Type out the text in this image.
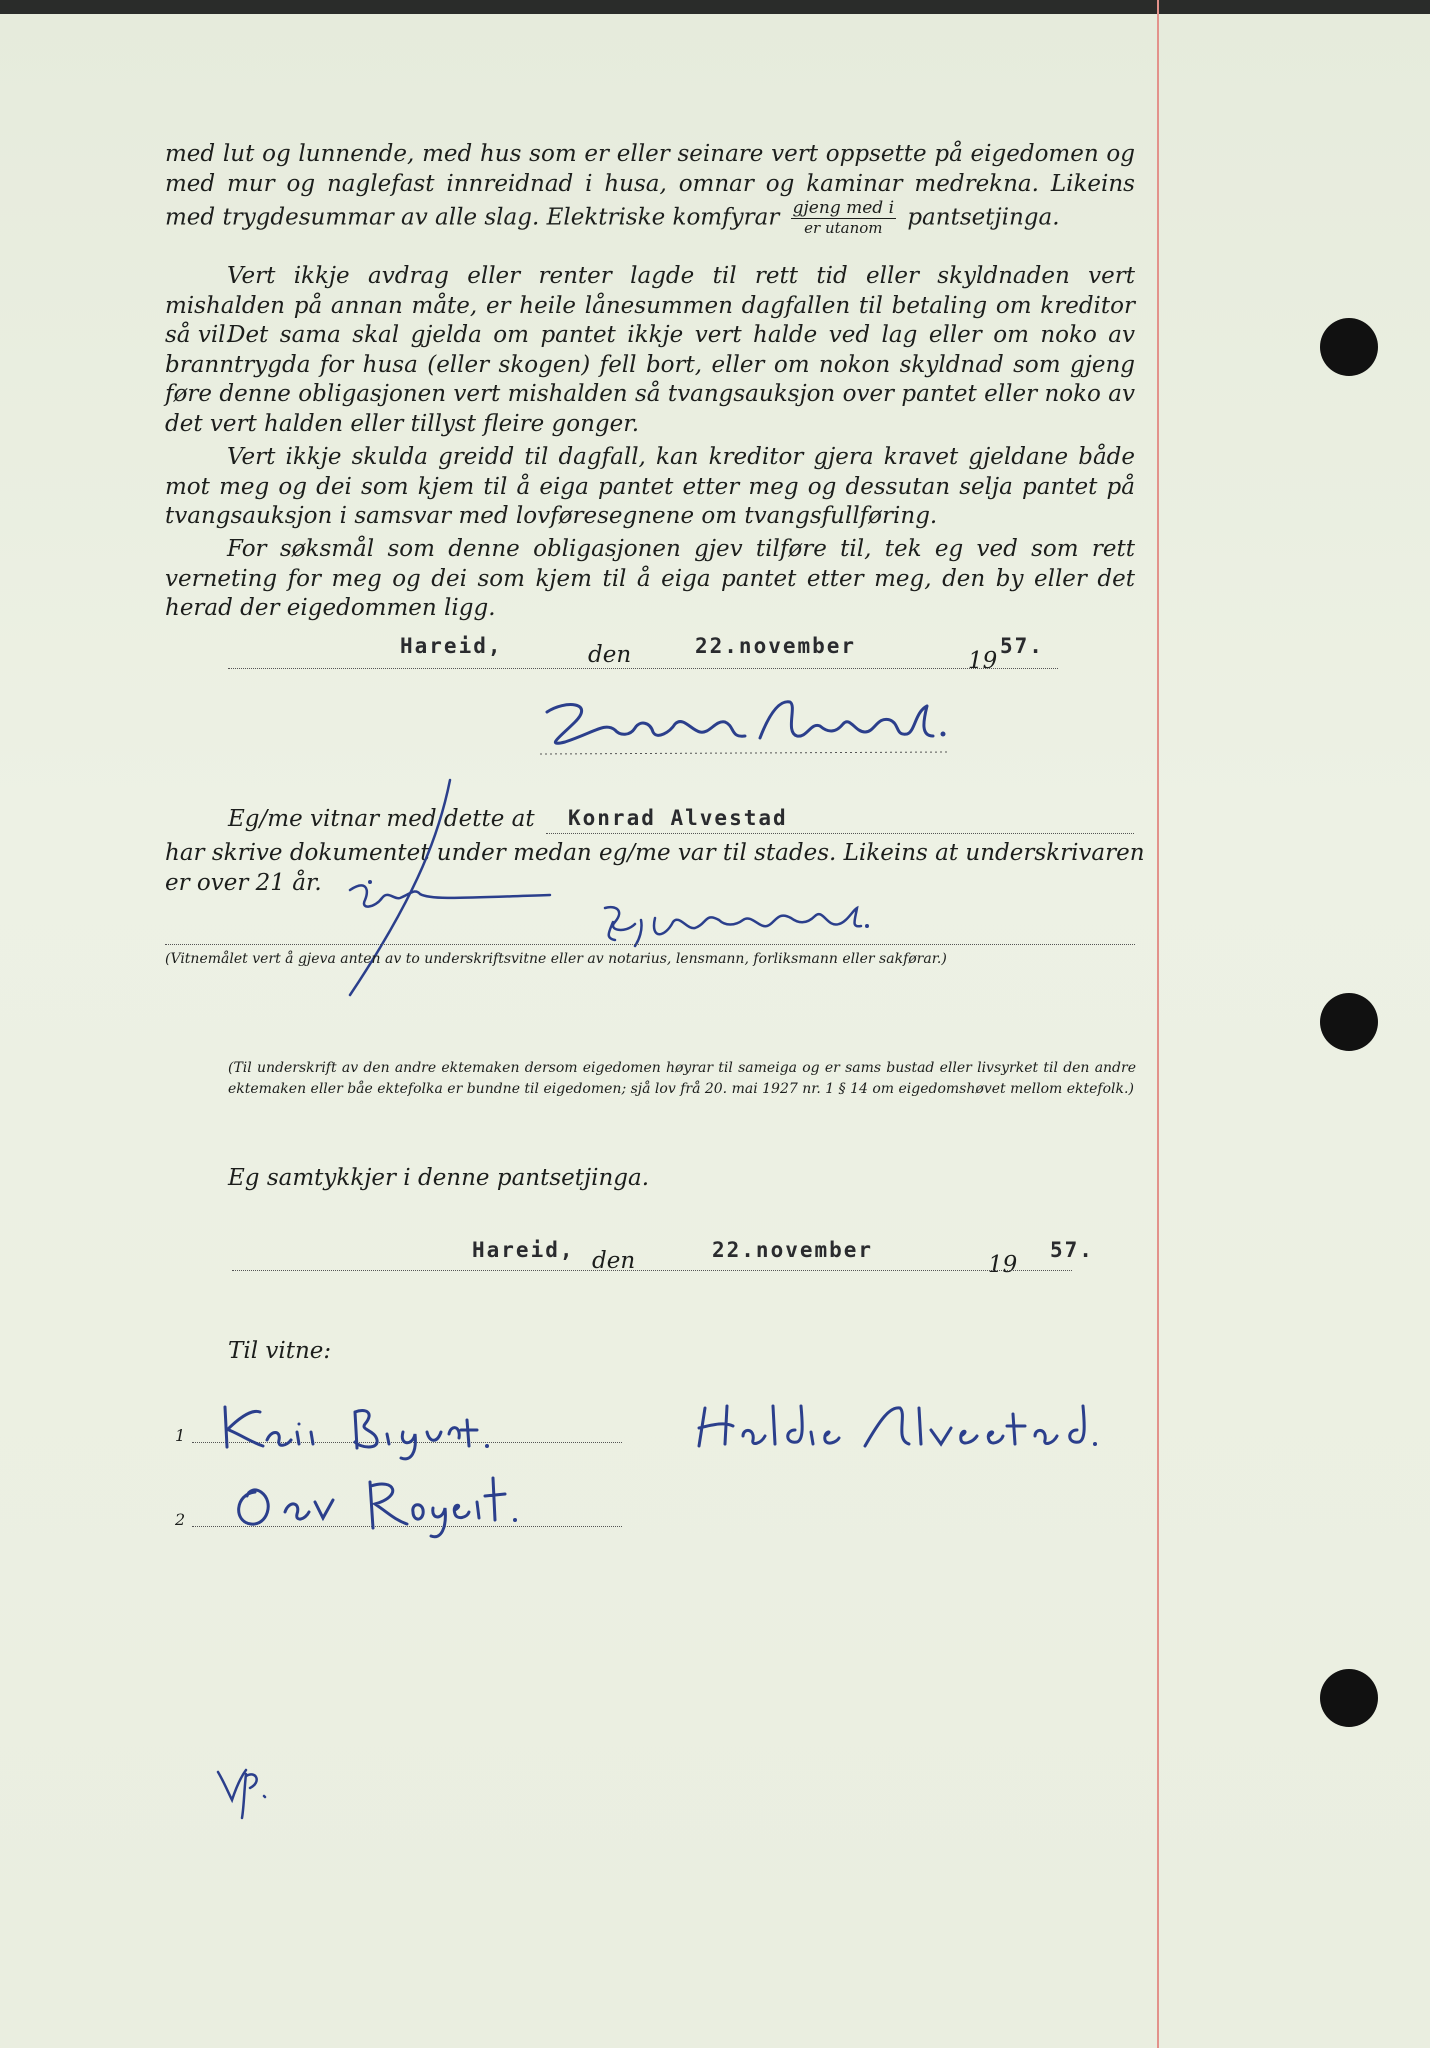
med lut og lunnende, med hus som er eller seinare vert oppsette på eigedomen og med mur og naglefast innreidnad i husa, omnar og kaminar medrekna. Likeins med trygdesummar av alle slag. Elektriske komfyrar $\frac{\text{gjeng med i}}{\text{er utanom}}$ pantsetjinga.

Vert ikkje avdrag eller renter lagde til rett tid eller skyldnaden vert mishalden på annan måte, er heile lånesummen dagfallen til betaling om kreditor så vil.

Det sama skal gjelda om pantet ikkje vert halde ved lag eller om noko av branntrygda for husa (eller skogen) fell bort, eller om nokon skyldnad som gjeng føre denne obligasjonen vert mishalden så tvangsauksjon over pantet eller noko av det vert halden eller tillyst fleire gonger.

Vert ikkje skulda greidd til dagfall, kan kreditor gjera kravet gjeldane både mot meg og dei som kjem til å eiga pantet etter meg og dessutan selja pantet på tvangsauksjon i samsvar med lovføresegnene om tvangsfullføring.

For søksmål som denne obligasjonen gjev tilføre til, tek eg ved som rett verneting for meg og dei som kjem til å eiga pantet etter meg, den by eller det herad der eigedommen ligg.

Hareid,	den	22.november
19
57.
Eg/me vitnar med dette at Konrad Alvestad
har skrive dokumentet under medan eg/me var til stades. Likeins at underskrivaren
er over 21 år.

(Vitnemålet vert å gjeva anten av to underskriftsvitne eller av notarius, lensmann, forliksmann eller sakførar.)

(Til underskrift av den andre ektemaken dersom eigedomen høyrar til sameiga og er sams bustad eller livsyrket til den andre ektemaken eller båe ektefolka er bundne til eigedomen; sjå lov frå 20. mai 1927 nr. 1 § 14 om eigedomshøvet mellom ektefolk.)

Eg samtykkjer i denne pantsetjinga.
Hareid, den	22.november
19
57.
Til vitne:
1
2
